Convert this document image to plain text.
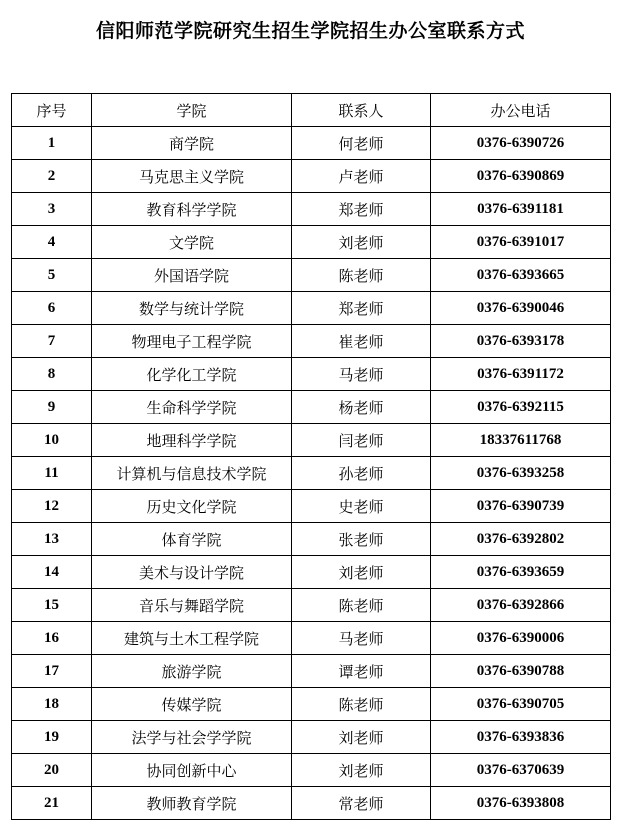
信阳师范学院研究生招生学院招生办公室联系方式
序号	学院	联系人	办公电话
1	商学院	何老师	0376-6390726
2	马克思主义学院	卢老师	0376-6390869
3	教育科学学院	郑老师	0376-6391181
4	文学院	刘老师	0376-6391017
5	外国语学院	陈老师	0376-6393665
6	数学与统计学院	郑老师	0376-6390046
7	物理电子工程学院	崔老师	0376-6393178
8	化学化工学院	马老师	0376-6391172
9	生命科学学院	杨老师	0376-6392115
10	地理科学学院	闫老师	18337611768
11	计算机与信息技术学院	孙老师	0376-6393258
12	历史文化学院	史老师	0376-6390739
13	体育学院	张老师	0376-6392802
14	美术与设计学院	刘老师	0376-6393659
15	音乐与舞蹈学院	陈老师	0376-6392866
16	建筑与土木工程学院	马老师	0376-6390006
17	旅游学院	谭老师	0376-6390788
18	传媒学院	陈老师	0376-6390705
19	法学与社会学学院	刘老师	0376-6393836
20	协同创新中心	刘老师	0376-6370639
21	教师教育学院	常老师	0376-6393808
